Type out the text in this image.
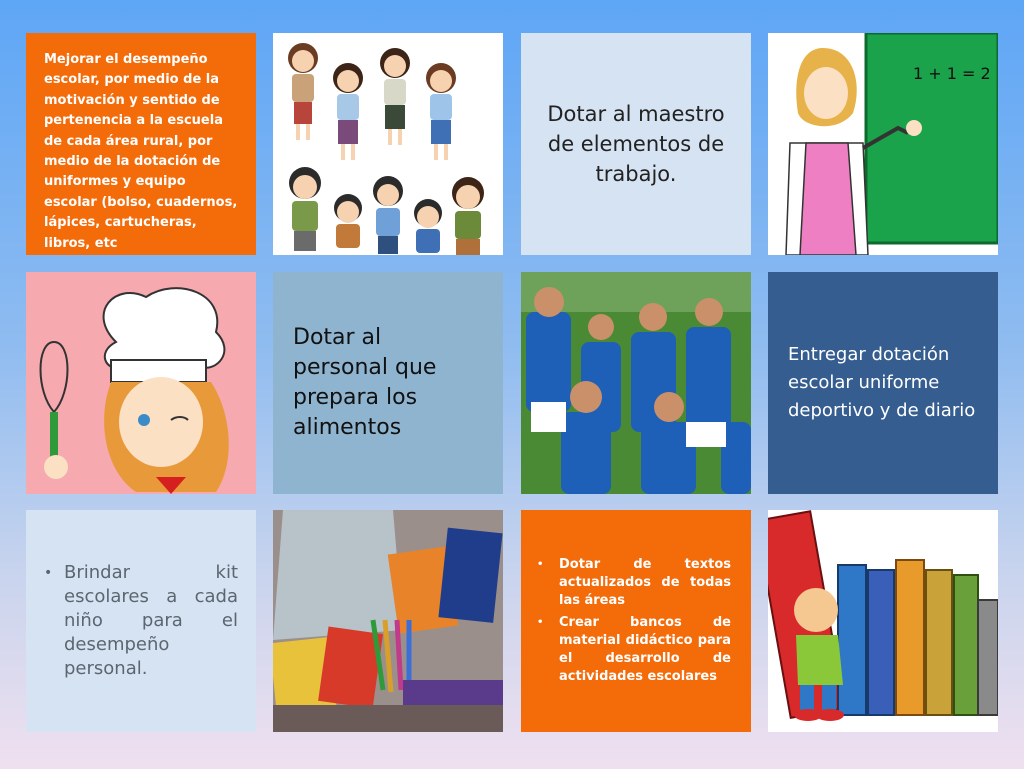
Mejorar el desempeño escolar, por medio de la motivación y sentido de pertenencia a la escuela de cada área rural, por medio de la dotación de uniformes y equipo escolar (bolso, cuadernos, lápices, cartucheras, libros, etc
Dotar al maestro de elementos de trabajo.
1 + 1 = 2
Dotar al personal que prepara los alimentos
Entregar dotación escolar uniforme deportivo y de diario
• Brindar kit escolares a cada niño para el desempeño personal.
•	Dotar de textos actualizados de todas las áreas
•	Crear bancos de material didáctico para el desarrollo de actividades escolares
